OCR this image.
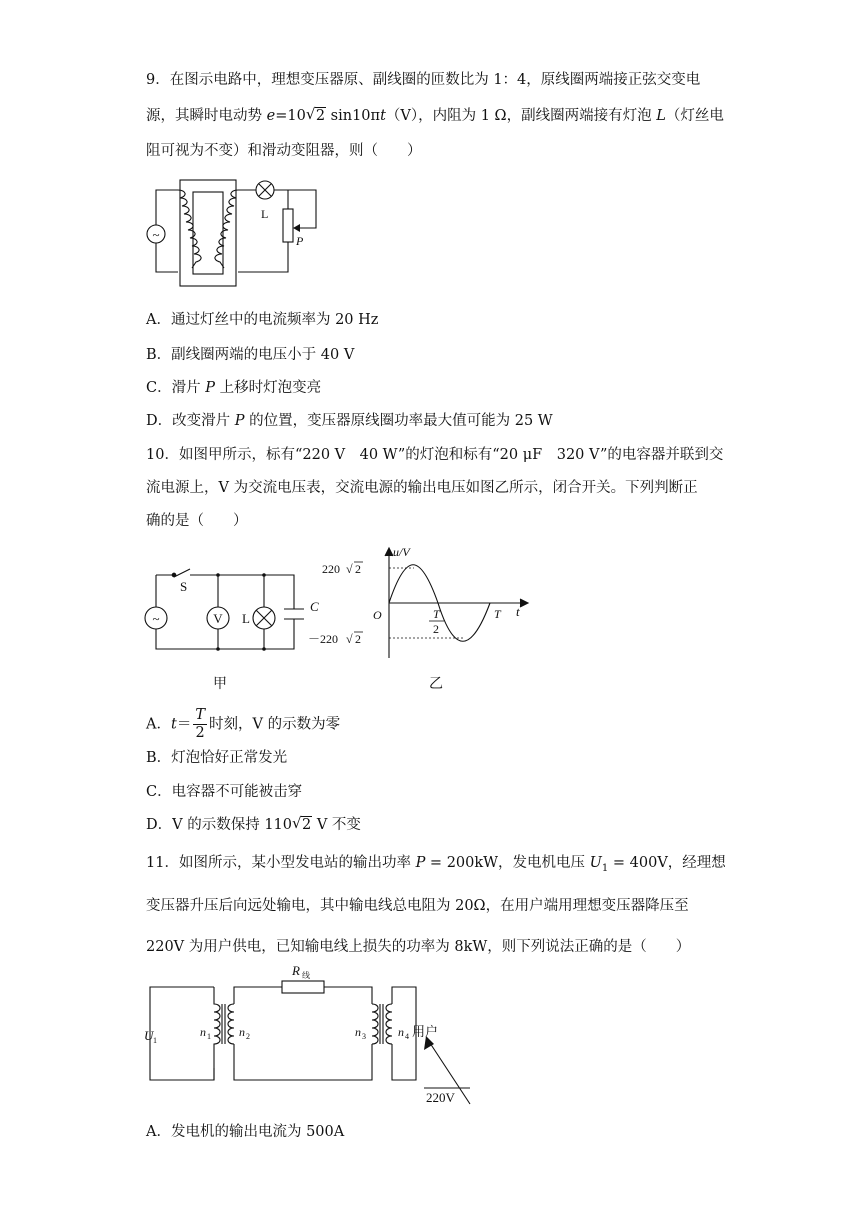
9．在图示电路中，理想变压器原、副线圈的匝数比为 1：4，原线圈两端接正弦交变电
源，其瞬时电动势 e=10 √ 2 sin10πt（V），内阻为 1 Ω，副线圈两端接有灯泡 L（灯丝电
阻可视为不变）和滑动变阻器，则（　　）
~
L
P
A．通过灯丝中的电流频率为 20 Hz
B．副线圈两端的电压小于 40 V
C．滑片 P 上移时灯泡变亮
D．改变滑片 P 的位置，变压器原线圈功率最大值可能为 25 W
10．如图甲所示，标有“220 V　40 W”的灯泡和标有“20 μF　320 V”的电容器并联到交
流电源上，V 为交流电压表，交流电源的输出电压如图乙所示，闭合开关。下列判断正
确的是（　　）
~
S
V L
C
甲
u/V
t
O
220 √ 2
－220 √ 2
T
2
T
乙
A．$t= \frac{T}{2}$ 时刻，V 的示数为零
B．灯泡恰好正常发光
C．电容器不可能被击穿
D．V 的示数保持 110 √ 2 V 不变
11．如图所示，某小型发电站的输出功率 P = 200kW，发电机电压 $U_1 = 400V$，经理想
变压器升压后向远处输电，其中输电线总电阻为 20Ω，在用户端用理想变压器降压至
220V 为用户供电，已知输电线上损失的功率为 8kW，则下列说法正确的是（　　）
R 线
U 1
n 1 n 2	n 3	n 4 用户
220V
A．发电机的输出电流为 500A
